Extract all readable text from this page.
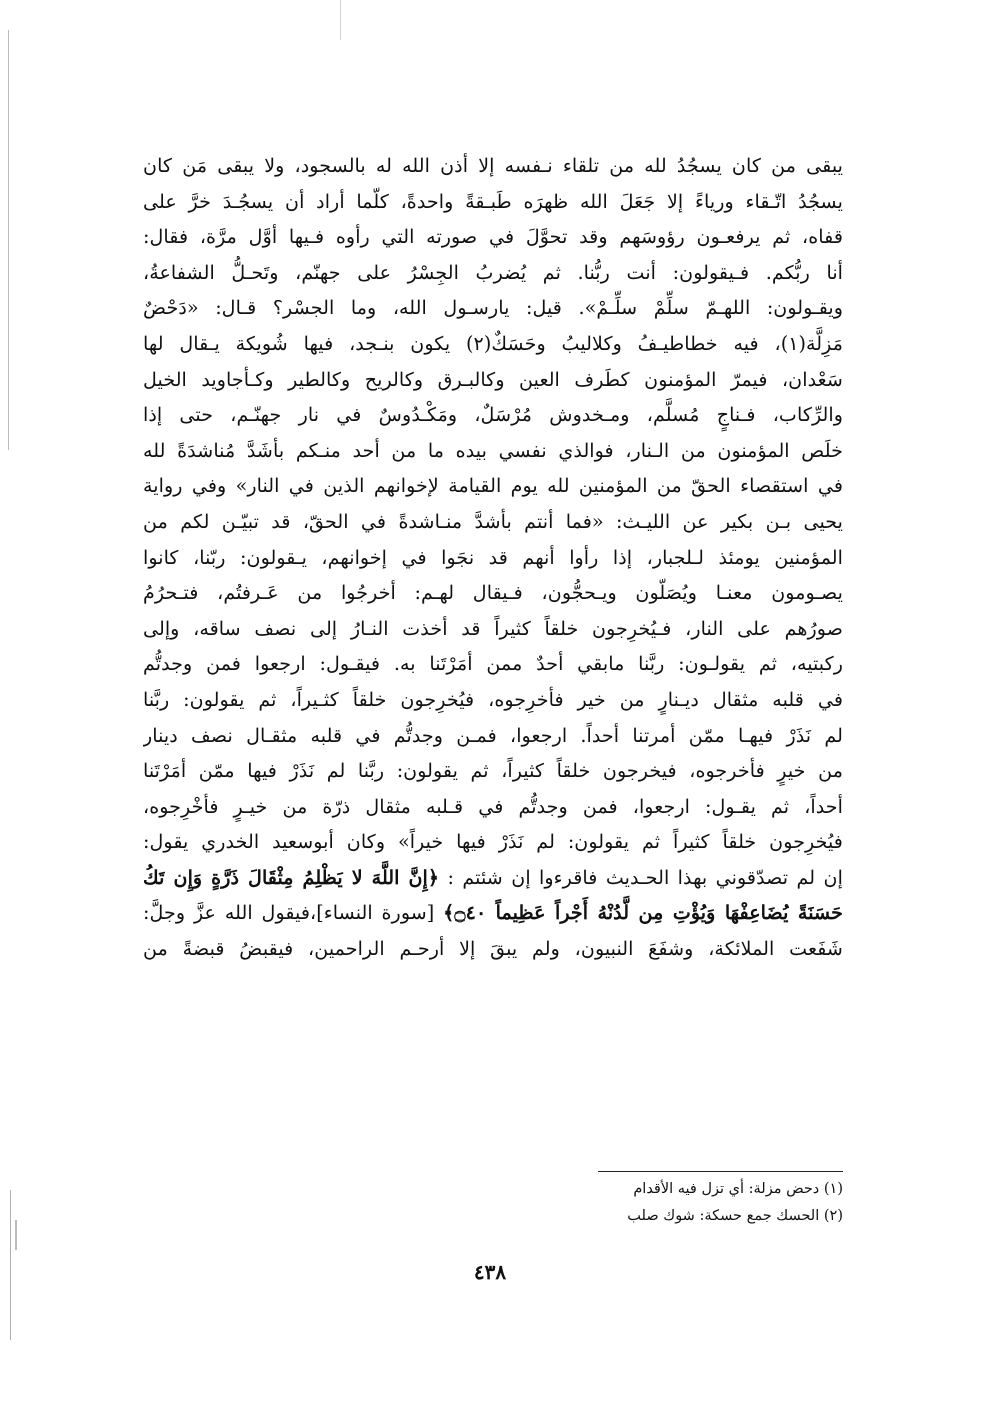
يبقى من كان يسجُدُ لله من تلقاء نـفسه إلا أذن الله له بالسجود، ولا يبقى مَن كان
يسجُدُ اتّـقاء ورياءً إلا جَعَلَ الله ظهرَه طَبـقةً واحدةً، كلّما أراد أن يسجُـدَ خرَّ على
قفاه، ثم يرفعـون رؤوسَهم وقد تحوَّلَ في صورته التي رأوه فـيها أوَّل مرَّة، فقال:
أنا ربُّكم. فـيقولون: أنت ربُّنا. ثم يُضربُ الجِسْرُ على جهنّم، وتَحـلُّ الشفاعةُ،
ويقـولون: اللهـمّ سلِّمْ سلِّـمْ». قيل: يارسـول الله، وما الجسْر؟ قـال: «دَحْضٌ
مَزِلَّة(١)، فيه خطاطيـفُ وكلاليبُ وحَسَكٌ(٢) يكون بنـجد، فيها شُويكة يـقال لها
سَعْدان، فيمرّ المؤمنون كطَرف العين وكالبـرق وكالريح وكالطير وكـأجاويد الخيل
والرِّكاب، فـناجٍ مُسلَّم، ومـخدوش مُرْسَلٌ، ومَكْـدُوسٌ في نار جهنّـم، حتى إذا
خلَص المؤمنون من الـنار، فوالذي نفسي بيده ما من أحد منـكم بأشَدَّ مُناشدَةً لله
في استقصاء الحقّ من المؤمنين لله يوم القيامة لإخوانهم الذين في النار» وفي رواية
يحيى بـن بكير عن الليـث: «فما أنتم بأشدَّ منـاشدةً في الحقّ، قد تبيّـن لكم من
المؤمنين يومئذ لـلجبار، إذا رأوا أنهم قد نجَوا في إخوانهم، يـقولون: ربّنا، كانوا
يصـومون معنـا ويُصَلّون ويـحجُّون، فـيقال لهـم: أخرجُوا من عَـرفتُم، فتـحرُمُ
صورُهم على النار، فـيُخرِجون خلقاً كثيراً قد أخذت النـارُ إلى نصف ساقه، وإلى
ركبتيه، ثم يقولـون: ربَّنا مابقي أحدٌ ممن أمَرْتَنا به. فيقـول: ارجعوا فمن وجدتُّم
في قلبه مثقال ديـنارٍ من خير فأخرِجوه، فيُخرِجون خلقاً كثـيراً، ثم يقولون: ربَّنا
لم نَذَرْ فيهـا ممّن أمرتنا أحداً. ارجعوا، فمـن وجدتُّم في قلبه مثقـال نصف دينار
من خيرٍ فأخرجوه، فيخرجون خلقاً كثيراً، ثم يقولون: ربَّنا لم نَذَرْ فيها ممّن أمَرْتَنا
أحداً، ثم يقـول: ارجعوا، فمن وجدتُّم في قـلبه مثقال ذرّة من خيـرٍ فأخْرِجوه،
فيُخرِجون خلقاً كثيراً ثم يقولون: لم نَذَرْ فيها خيراً» وكان أبوسعيد الخدري يقول:
إن لم تصدّقوني بهذا الحـديث فاقرءوا إن شئتم : ﴿إِنَّ اللَّهَ لا يَظْلِمُ مِثْقَالَ ذَرَّةٍ وَإِن تَكُ
حَسَنَةً يُضَاعِفْهَا وَيُؤْتِ مِن لَّدُنْهُ أَجْراً عَظِيماً ۝٤٠﴾ [سورة النساء]،فيقول الله عزَّ وجلَّ:
شَفَعت الملائكة، وشفَعَ النبيون، ولم يبقَ إلا أرحـم الراحمين، فيقبضُ قبضةً من
(١) دحض مزلة: أي تزل فيه الأقدام
(٢) الحسك جمع حسكة: شوك صلب
٤٣٨
